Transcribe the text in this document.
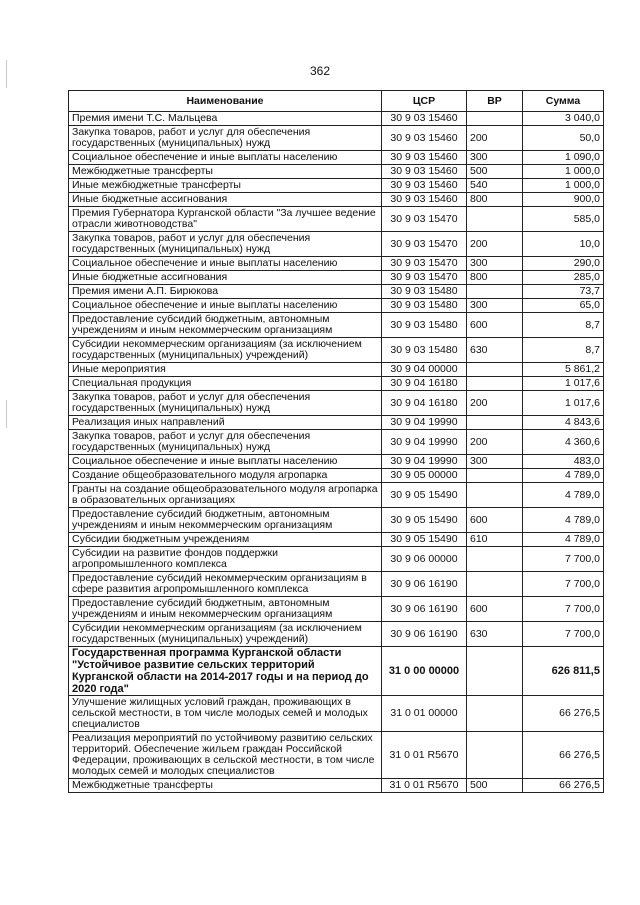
362
Наименование	ЦСР	ВР	Сумма
Премия имени Т.С. Мальцева	30 9 03 15460		3 040,0
Закупка товаров, работ и услуг для обеспечения государственных (муниципальных) нужд	30 9 03 15460	200	50,0
Социальное обеспечение и иные выплаты населению	30 9 03 15460	300	1 090,0
Межбюджетные трансферты	30 9 03 15460	500	1 000,0
Иные межбюджетные трансферты	30 9 03 15460	540	1 000,0
Иные бюджетные ассигнования	30 9 03 15460	800	900,0
Премия Губернатора Курганской области "За лучшее ведение отрасли животноводства"	30 9 03 15470		585,0
Закупка товаров, работ и услуг для обеспечения государственных (муниципальных) нужд	30 9 03 15470	200	10,0
Социальное обеспечение и иные выплаты населению	30 9 03 15470	300	290,0
Иные бюджетные ассигнования	30 9 03 15470	800	285,0
Премия имени А.П. Бирюкова	30 9 03 15480		73,7
Социальное обеспечение и иные выплаты населению	30 9 03 15480	300	65,0
Предоставление субсидий бюджетным, автономным учреждениям и иным некоммерческим организациям	30 9 03 15480	600	8,7
Субсидии некоммерческим организациям (за исключением государственных (муниципальных) учреждений)	30 9 03 15480	630	8,7
Иные мероприятия	30 9 04 00000		5 861,2
Специальная продукция	30 9 04 16180		1 017,6
Закупка товаров, работ и услуг для обеспечения государственных (муниципальных) нужд	30 9 04 16180	200	1 017,6
Реализация иных направлений	30 9 04 19990		4 843,6
Закупка товаров, работ и услуг для обеспечения государственных (муниципальных) нужд	30 9 04 19990	200	4 360,6
Социальное обеспечение и иные выплаты населению	30 9 04 19990	300	483,0
Создание общеобразовательного модуля агропарка	30 9 05 00000		4 789,0
Гранты на создание общеобразовательного модуля агропарка в образовательных организациях	30 9 05 15490		4 789,0
Предоставление субсидий бюджетным, автономным учреждениям и иным некоммерческим организациям	30 9 05 15490	600	4 789,0
Субсидии бюджетным учреждениям	30 9 05 15490	610	4 789,0
Субсидии на развитие фондов поддержки агропромышленного комплекса	30 9 06 00000		7 700,0
Предоставление субсидий некоммерческим организациям в сфере развития агропромышленного комплекса	30 9 06 16190		7 700,0
Предоставление субсидий бюджетным, автономным учреждениям и иным некоммерческим организациям	30 9 06 16190	600	7 700,0
Субсидии некоммерческим организациям (за исключением государственных (муниципальных) учреждений)	30 9 06 16190	630	7 700,0
Государственная программа Курганской области "Устойчивое развитие сельских территорий Курганской области на 2014-2017 годы и на период до 2020 года"	31 0 00 00000		626 811,5
Улучшение жилищных условий граждан, проживающих в сельской местности, в том числе молодых семей и молодых специалистов	31 0 01 00000		66 276,5
Реализация мероприятий по устойчивому развитию сельских территорий. Обеспечение жильем граждан Российской Федерации, проживающих в сельской местности, в том числе молодых семей и молодых специалистов	31 0 01 R5670		66 276,5
Межбюджетные трансферты	31 0 01 R5670	500	66 276,5
